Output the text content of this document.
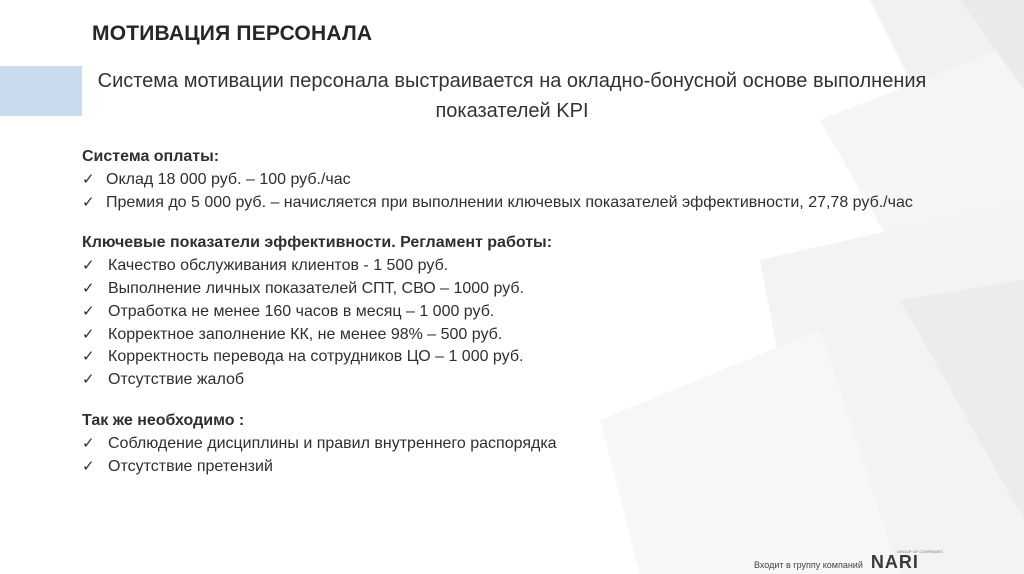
МОТИВАЦИЯ ПЕРСОНАЛА
Система мотивации персонала выстраивается на окладно-бонусной основе выполнения показателей KPI
Система оплаты:
✓ Оклад 18 000 руб. – 100 руб./час
✓ Премия до 5 000 руб. – начисляется при выполнении ключевых показателей эффективности, 27,78 руб./час
Ключевые показатели эффективности. Регламент работы:
✓ Качество обслуживания клиентов - 1 500 руб.
✓ Выполнение личных показателей СПТ, СВО – 1000 руб.
✓ Отработка не менее 160 часов в месяц – 1 000 руб.
✓ Корректное заполнение КК, не менее 98% – 500 руб.
✓ Корректность перевода на сотрудников ЦО – 1 000 руб.
✓ Отсутствие жалоб
Так же необходимо :
✓ Соблюдение дисциплины и правил внутреннего распорядка
✓ Отсутствие претензий
Входит в группу компаний
GROUP OF COMPANIES
NARI
